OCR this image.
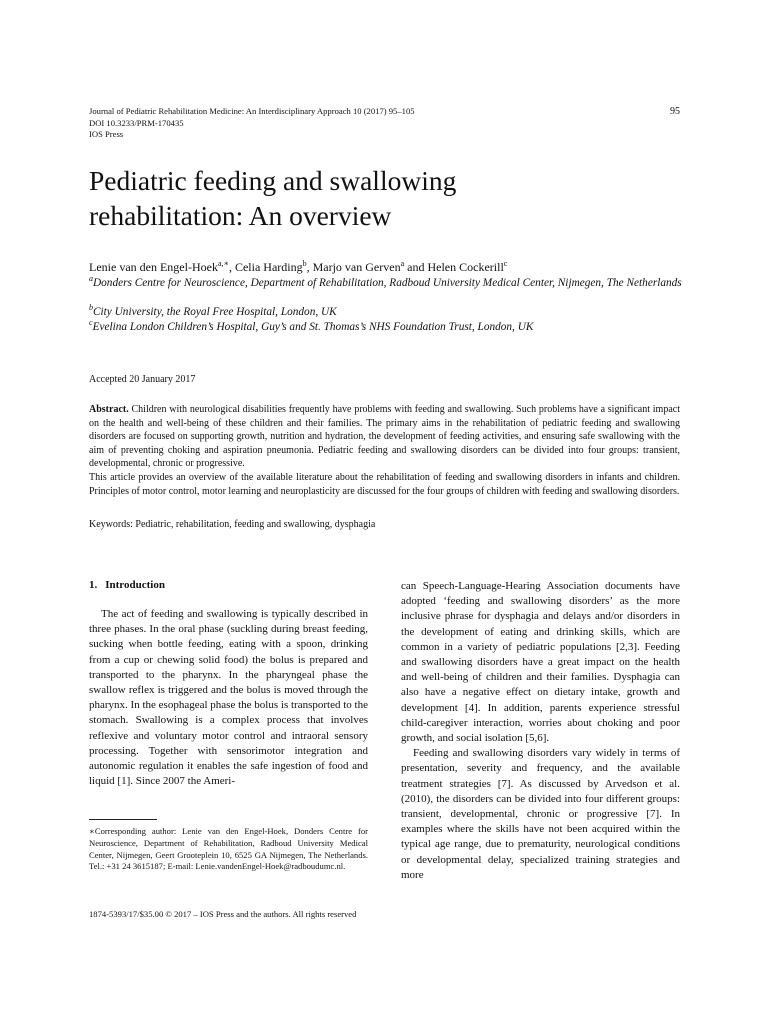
Journal of Pediatric Rehabilitation Medicine: An Interdisciplinary Approach 10 (2017) 95–105
DOI 10.3233/PRM-170435
IOS Press
95
Pediatric feeding and swallowing
rehabilitation: An overview
Lenie van den Engel-Hoek$^{a,∗}$, Celia Harding$^b$, Marjo van Gerven$^a$ and Helen Cockerill$^c$
$^a$Donders Centre for Neuroscience, Department of Rehabilitation, Radboud University Medical Center, Nijmegen, The Netherlands
$^b$City University, the Royal Free Hospital, London, UK
$^c$Evelina London Children’s Hospital, Guy’s and St. Thomas’s NHS Foundation Trust, London, UK
Accepted 20 January 2017

Abstract. Children with neurological disabilities frequently have problems with feeding and swallowing. Such problems have a significant impact on the health and well-being of these children and their families. The primary aims in the rehabilitation of pediatric feeding and swallowing disorders are focused on supporting growth, nutrition and hydration, the development of feeding activities, and ensuring safe swallowing with the aim of preventing choking and aspiration pneumonia. Pediatric feeding and swallowing disorders can be divided into four groups: transient, developmental, chronic or progressive.

This article provides an overview of the available literature about the rehabilitation of feeding and swallowing disorders in infants and children. Principles of motor control, motor learning and neuroplasticity are discussed for the four groups of children with feeding and swallowing disorders.

Keywords: Pediatric, rehabilitation, feeding and swallowing, dysphagia
1. Introduction

The act of feeding and swallowing is typically described in three phases. In the oral phase (suckling during breast feeding, sucking when bottle feeding, eating with a spoon, drinking from a cup or chewing solid food) the bolus is prepared and transported to the pharynx. In the pharyngeal phase the swallow reflex is triggered and the bolus is moved through the pharynx. In the esophageal phase the bolus is transported to the stomach. Swallowing is a complex process that involves reflexive and voluntary motor control and intraoral sensory processing. Together with sensorimotor integration and autonomic regulation it enables the safe ingestion of food and liquid [1]. Since 2007 the Ameri-

can Speech-Language-Hearing Association documents have adopted ‘feeding and swallowing disorders’ as the more inclusive phrase for dysphagia and delays and/or disorders in the development of eating and drinking skills, which are common in a variety of pediatric populations [2,3]. Feeding and swallowing disorders have a great impact on the health and well-being of children and their families. Dysphagia can also have a negative effect on dietary intake, growth and development [4]. In addition, parents experience stressful child-caregiver interaction, worries about choking and poor growth, and social isolation [5,6].

Feeding and swallowing disorders vary widely in terms of presentation, severity and frequency, and the available treatment strategies [7]. As discussed by Arvedson et al. (2010), the disorders can be divided into four different groups: transient, developmental, chronic or progressive [7]. In examples where the skills have not been acquired within the typical age range, due to prematurity, neurological conditions or developmental delay, specialized training strategies and more

∗Corresponding author: Lenie van den Engel-Hoek, Donders Centre for Neuroscience, Department of Rehabilitation, Radboud University Medical Center, Nijmegen, Geert Grooteplein 10, 6525 GA Nijmegen, The Netherlands. Tel.: +31 24 3615187; E-mail: Lenie.vandenEngel-Hoek@radboudumc.nl.
1874-5393/17/$35.00 © 2017 – IOS Press and the authors. All rights reserved
